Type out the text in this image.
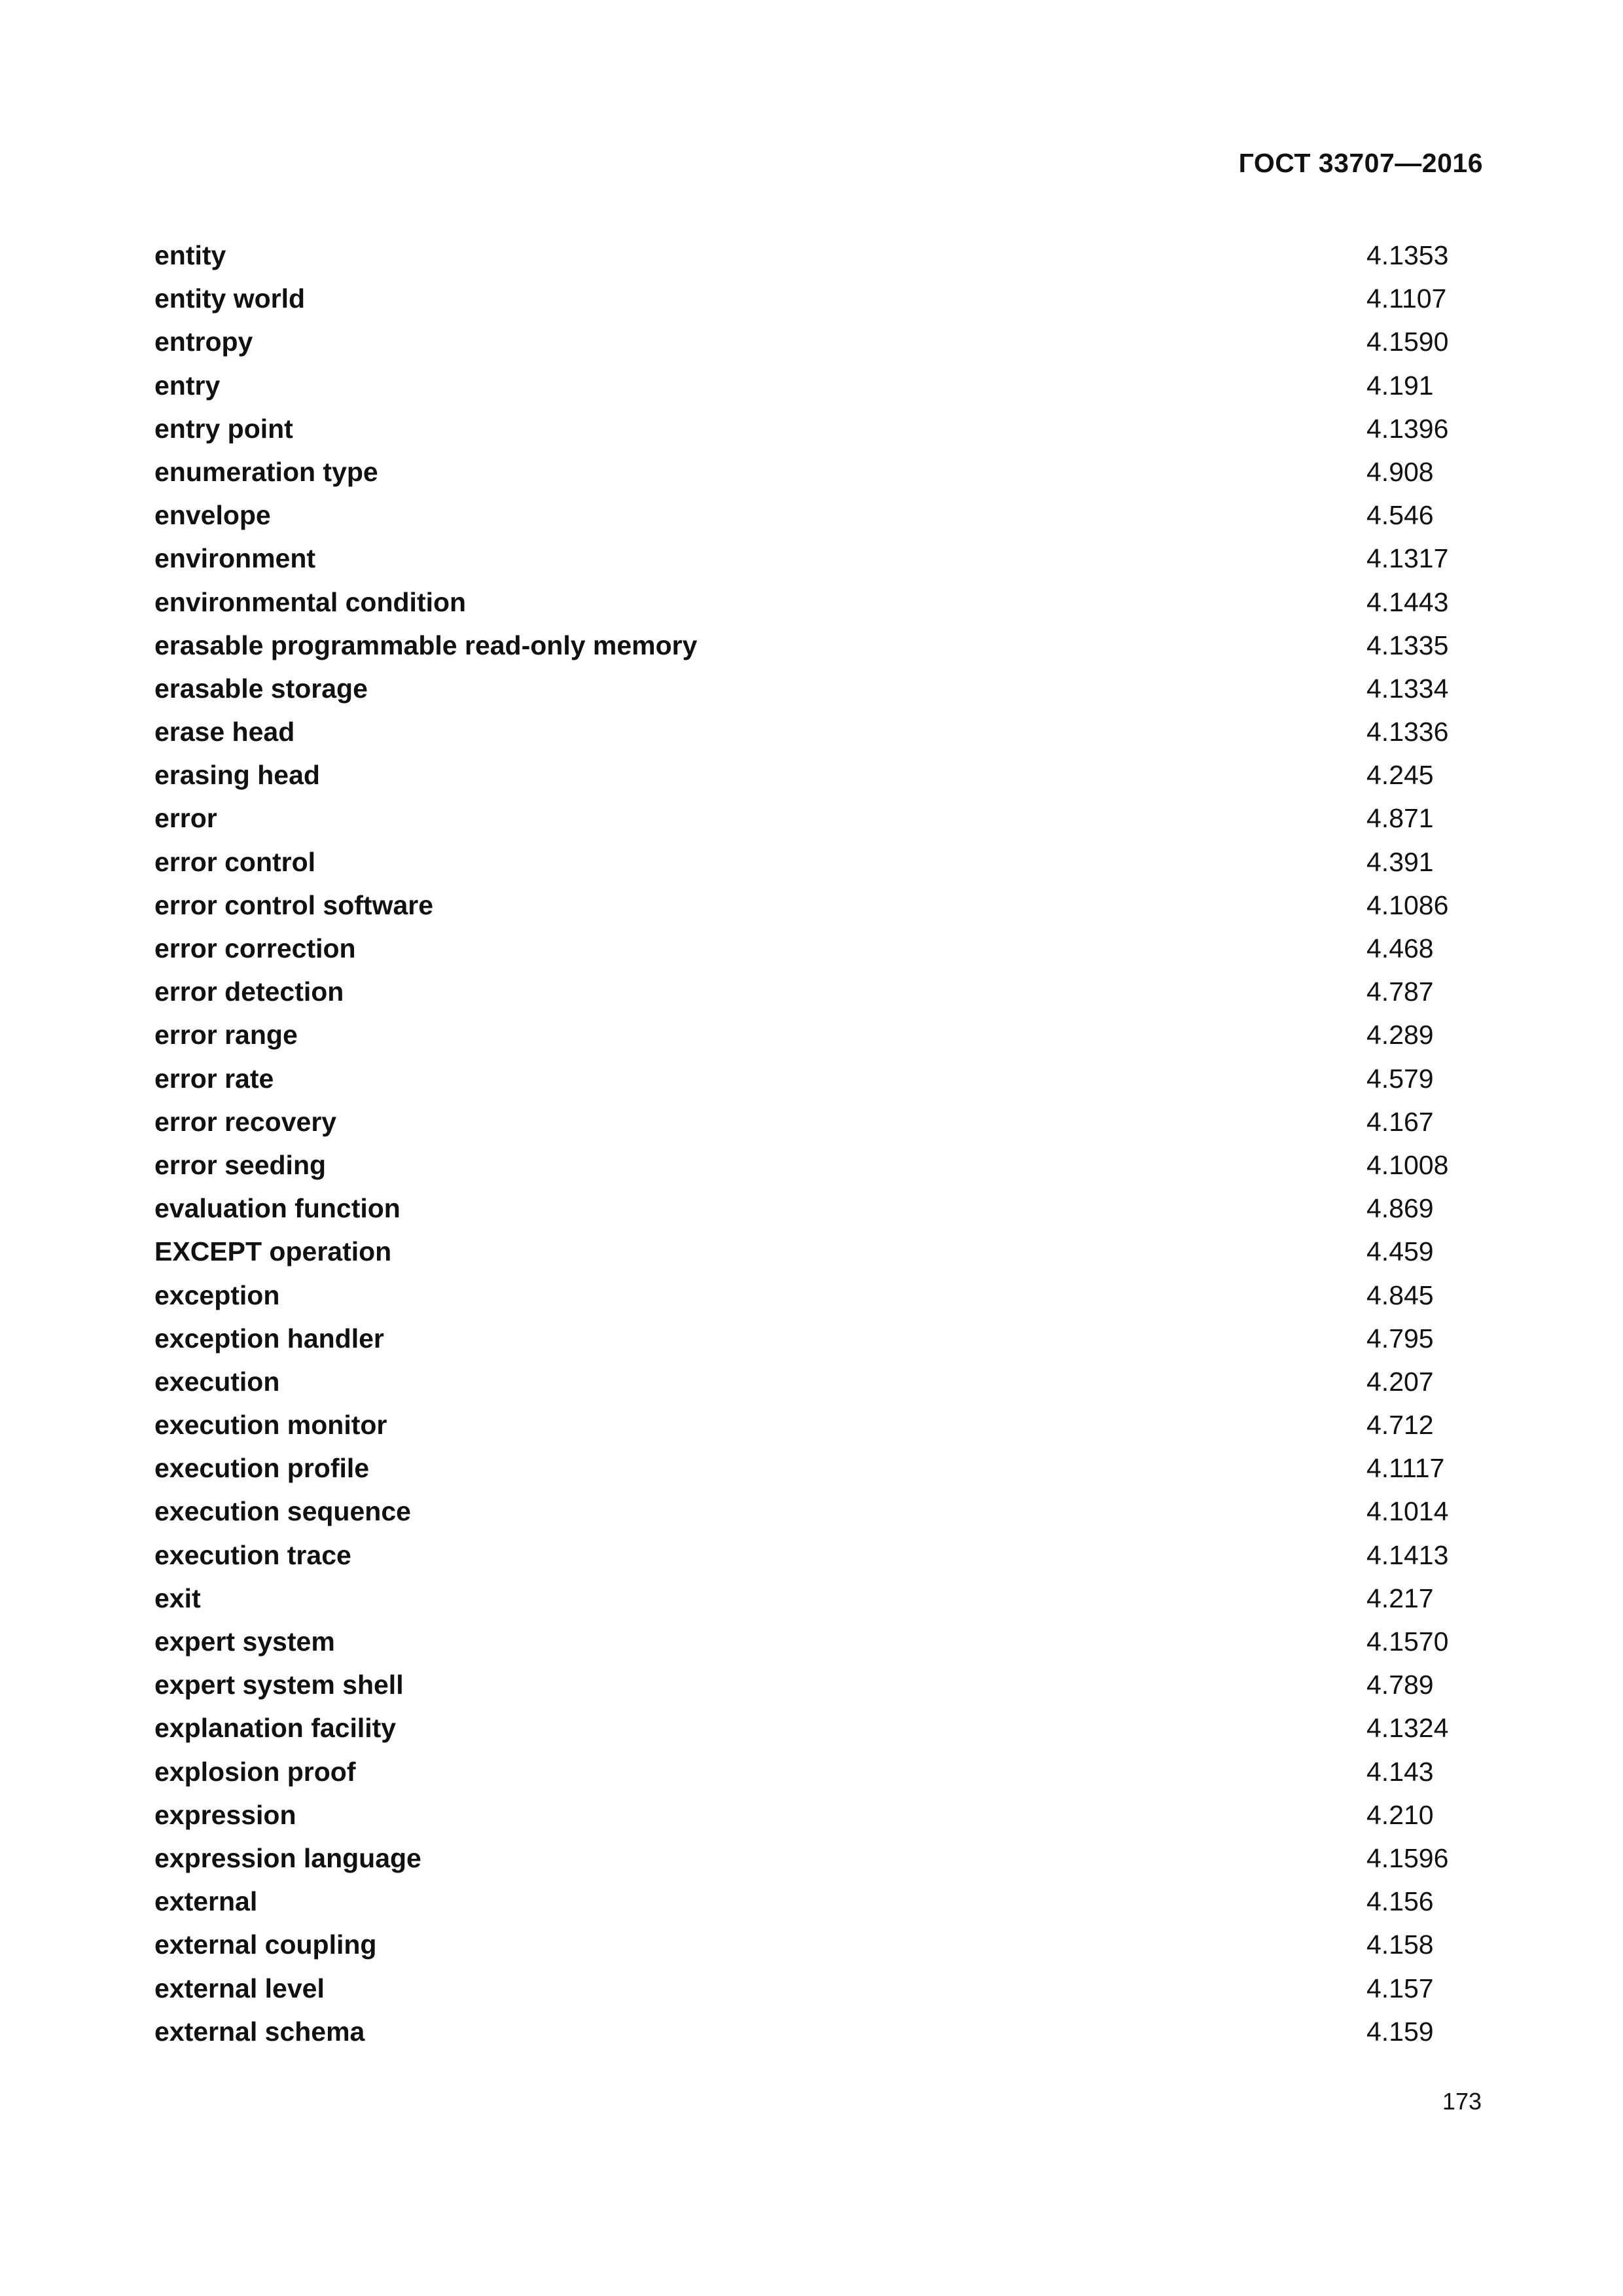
ГОСТ 33707—2016
entity	4.1353
entity world	4.1107
entropy	4.1590
entry	4.191
entry point	4.1396
enumeration type	4.908
envelope	4.546
environment	4.1317
environmental condition	4.1443
erasable programmable read-only memory	4.1335
erasable storage	4.1334
erase head	4.1336
erasing head	4.245
error	4.871
error control	4.391
error control software	4.1086
error correction	4.468
error detection	4.787
error range	4.289
error rate	4.579
error recovery	4.167
error seeding	4.1008
evaluation function	4.869
EXCEPT operation	4.459
exception	4.845
exception handler	4.795
execution	4.207
execution monitor	4.712
execution profile	4.1117
execution sequence	4.1014
execution trace	4.1413
exit	4.217
expert system	4.1570
expert system shell	4.789
explanation facility	4.1324
explosion proof	4.143
expression	4.210
expression language	4.1596
external	4.156
external coupling	4.158
external level	4.157
external schema	4.159
173
